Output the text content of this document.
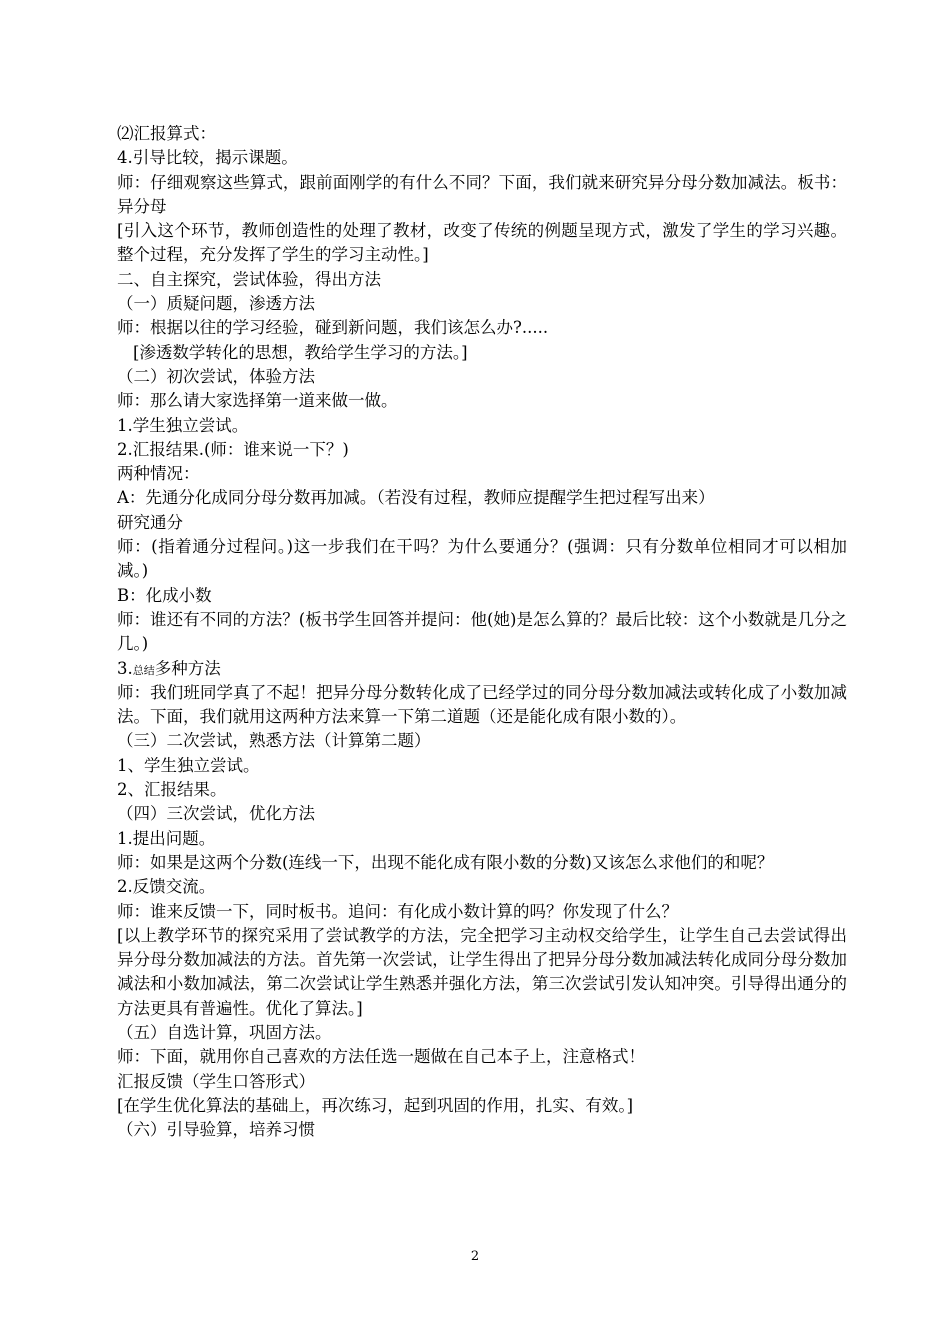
⑵汇报算式：
4.引导比较，揭示课题。
师：仔细观察这些算式，跟前面刚学的有什么不同？下面，我们就来研究异分母分数加减法。板书：异分母
[引入这个环节，教师创造性的处理了教材，改变了传统的例题呈现方式，激发了学生的学习兴趣。整个过程，充分发挥了学生的学习主动性。]
二、自主探究，尝试体验，得出方法
（一）质疑问题，渗透方法
师：根据以往的学习经验，碰到新问题，我们该怎么办?.....
[渗透数学转化的思想，教给学生学习的方法。]
（二）初次尝试，体验方法
师：那么请大家选择第一道来做一做。
1.学生独立尝试。
2.汇报结果.(师：谁来说一下？)
两种情况：
A：先通分化成同分母分数再加减。（若没有过程，教师应提醒学生把过程写出来）
研究通分
师：(指着通分过程问。)这一步我们在干吗？为什么要通分？(强调：只有分数单位相同才可以相加减。)
B：化成小数
师：谁还有不同的方法？(板书学生回答并提问：他(她)是怎么算的？最后比较：这个小数就是几分之几。)
3.总结多种方法
师：我们班同学真了不起！把异分母分数转化成了已经学过的同分母分数加减法或转化成了小数加减法。下面，我们就用这两种方法来算一下第二道题（还是能化成有限小数的）。
（三）二次尝试，熟悉方法（计算第二题）
1、学生独立尝试。
2、汇报结果。
（四）三次尝试，优化方法
1.提出问题。
师：如果是这两个分数(连线一下，出现不能化成有限小数的分数)又该怎么求他们的和呢？
2.反馈交流。
师：谁来反馈一下，同时板书。追问：有化成小数计算的吗？你发现了什么？
[以上教学环节的探究采用了尝试教学的方法，完全把学习主动权交给学生，让学生自己去尝试得出异分母分数加减法的方法。首先第一次尝试，让学生得出了把异分母分数加减法转化成同分母分数加减法和小数加减法，第二次尝试让学生熟悉并强化方法，第三次尝试引发认知冲突。引导得出通分的方法更具有普遍性。优化了算法。]
（五）自选计算，巩固方法。
师：下面，就用你自己喜欢的方法任选一题做在自己本子上，注意格式！
汇报反馈（学生口答形式）
[在学生优化算法的基础上，再次练习，起到巩固的作用，扎实、有效。]
（六）引导验算，培养习惯
2
